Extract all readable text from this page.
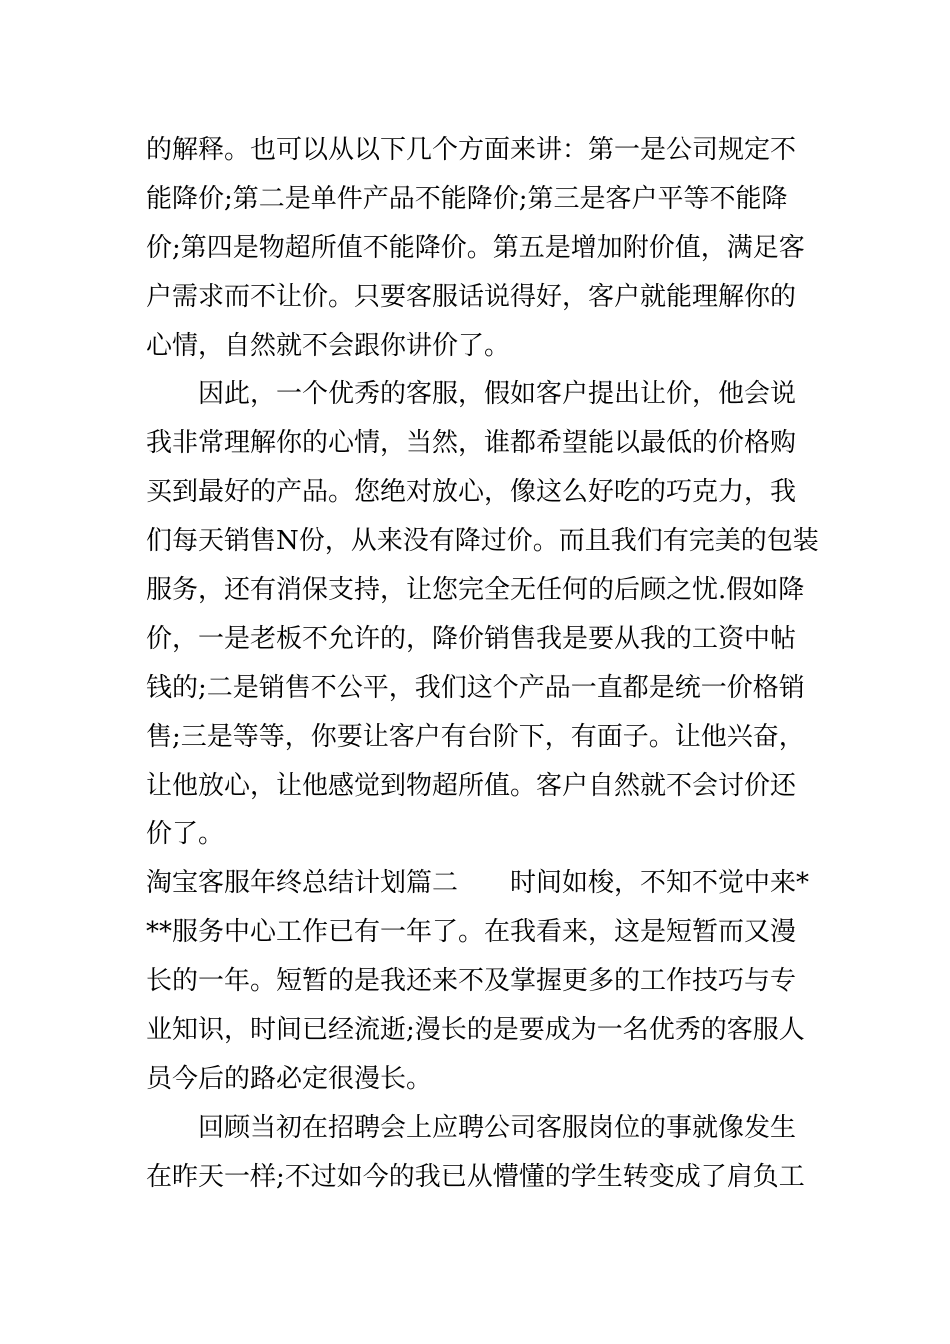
的解释。也可以从以下几个方面来讲：第一是公司规定不
能降价;第二是单件产品不能降价;第三是客户平等不能降
价;第四是物超所值不能降价。第五是增加附价值，满足客
户需求而不让价。只要客服话说得好，客户就能理解你的
心情，自然就不会跟你讲价了。
因此，一个优秀的客服，假如客户提出让价，他会说
我非常理解你的心情，当然，谁都希望能以最低的价格购
买到最好的产品。您绝对放心，像这么好吃的巧克力，我
们每天销售N份，从来没有降过价。而且我们有完美的包装
服务，还有消保支持，让您完全无任何的后顾之忧.假如降
价，一是老板不允许的，降价销售我是要从我的工资中帖
钱的;二是销售不公平，我们这个产品一直都是统一价格销
售;三是等等，你要让客户有台阶下，有面子。让他兴奋，
让他放心，让他感觉到物超所值。客户自然就不会讨价还
价了。
淘宝客服年终总结计划篇二 时间如梭，不知不觉中来*
**服务中心工作已有一年了。在我看来，这是短暂而又漫
长的一年。短暂的是我还来不及掌握更多的工作技巧与专
业知识，时间已经流逝;漫长的是要成为一名优秀的客服人
员今后的路必定很漫长。
回顾当初在招聘会上应聘公司客服岗位的事就像发生
在昨天一样;不过如今的我已从懵懂的学生转变成了肩负工
